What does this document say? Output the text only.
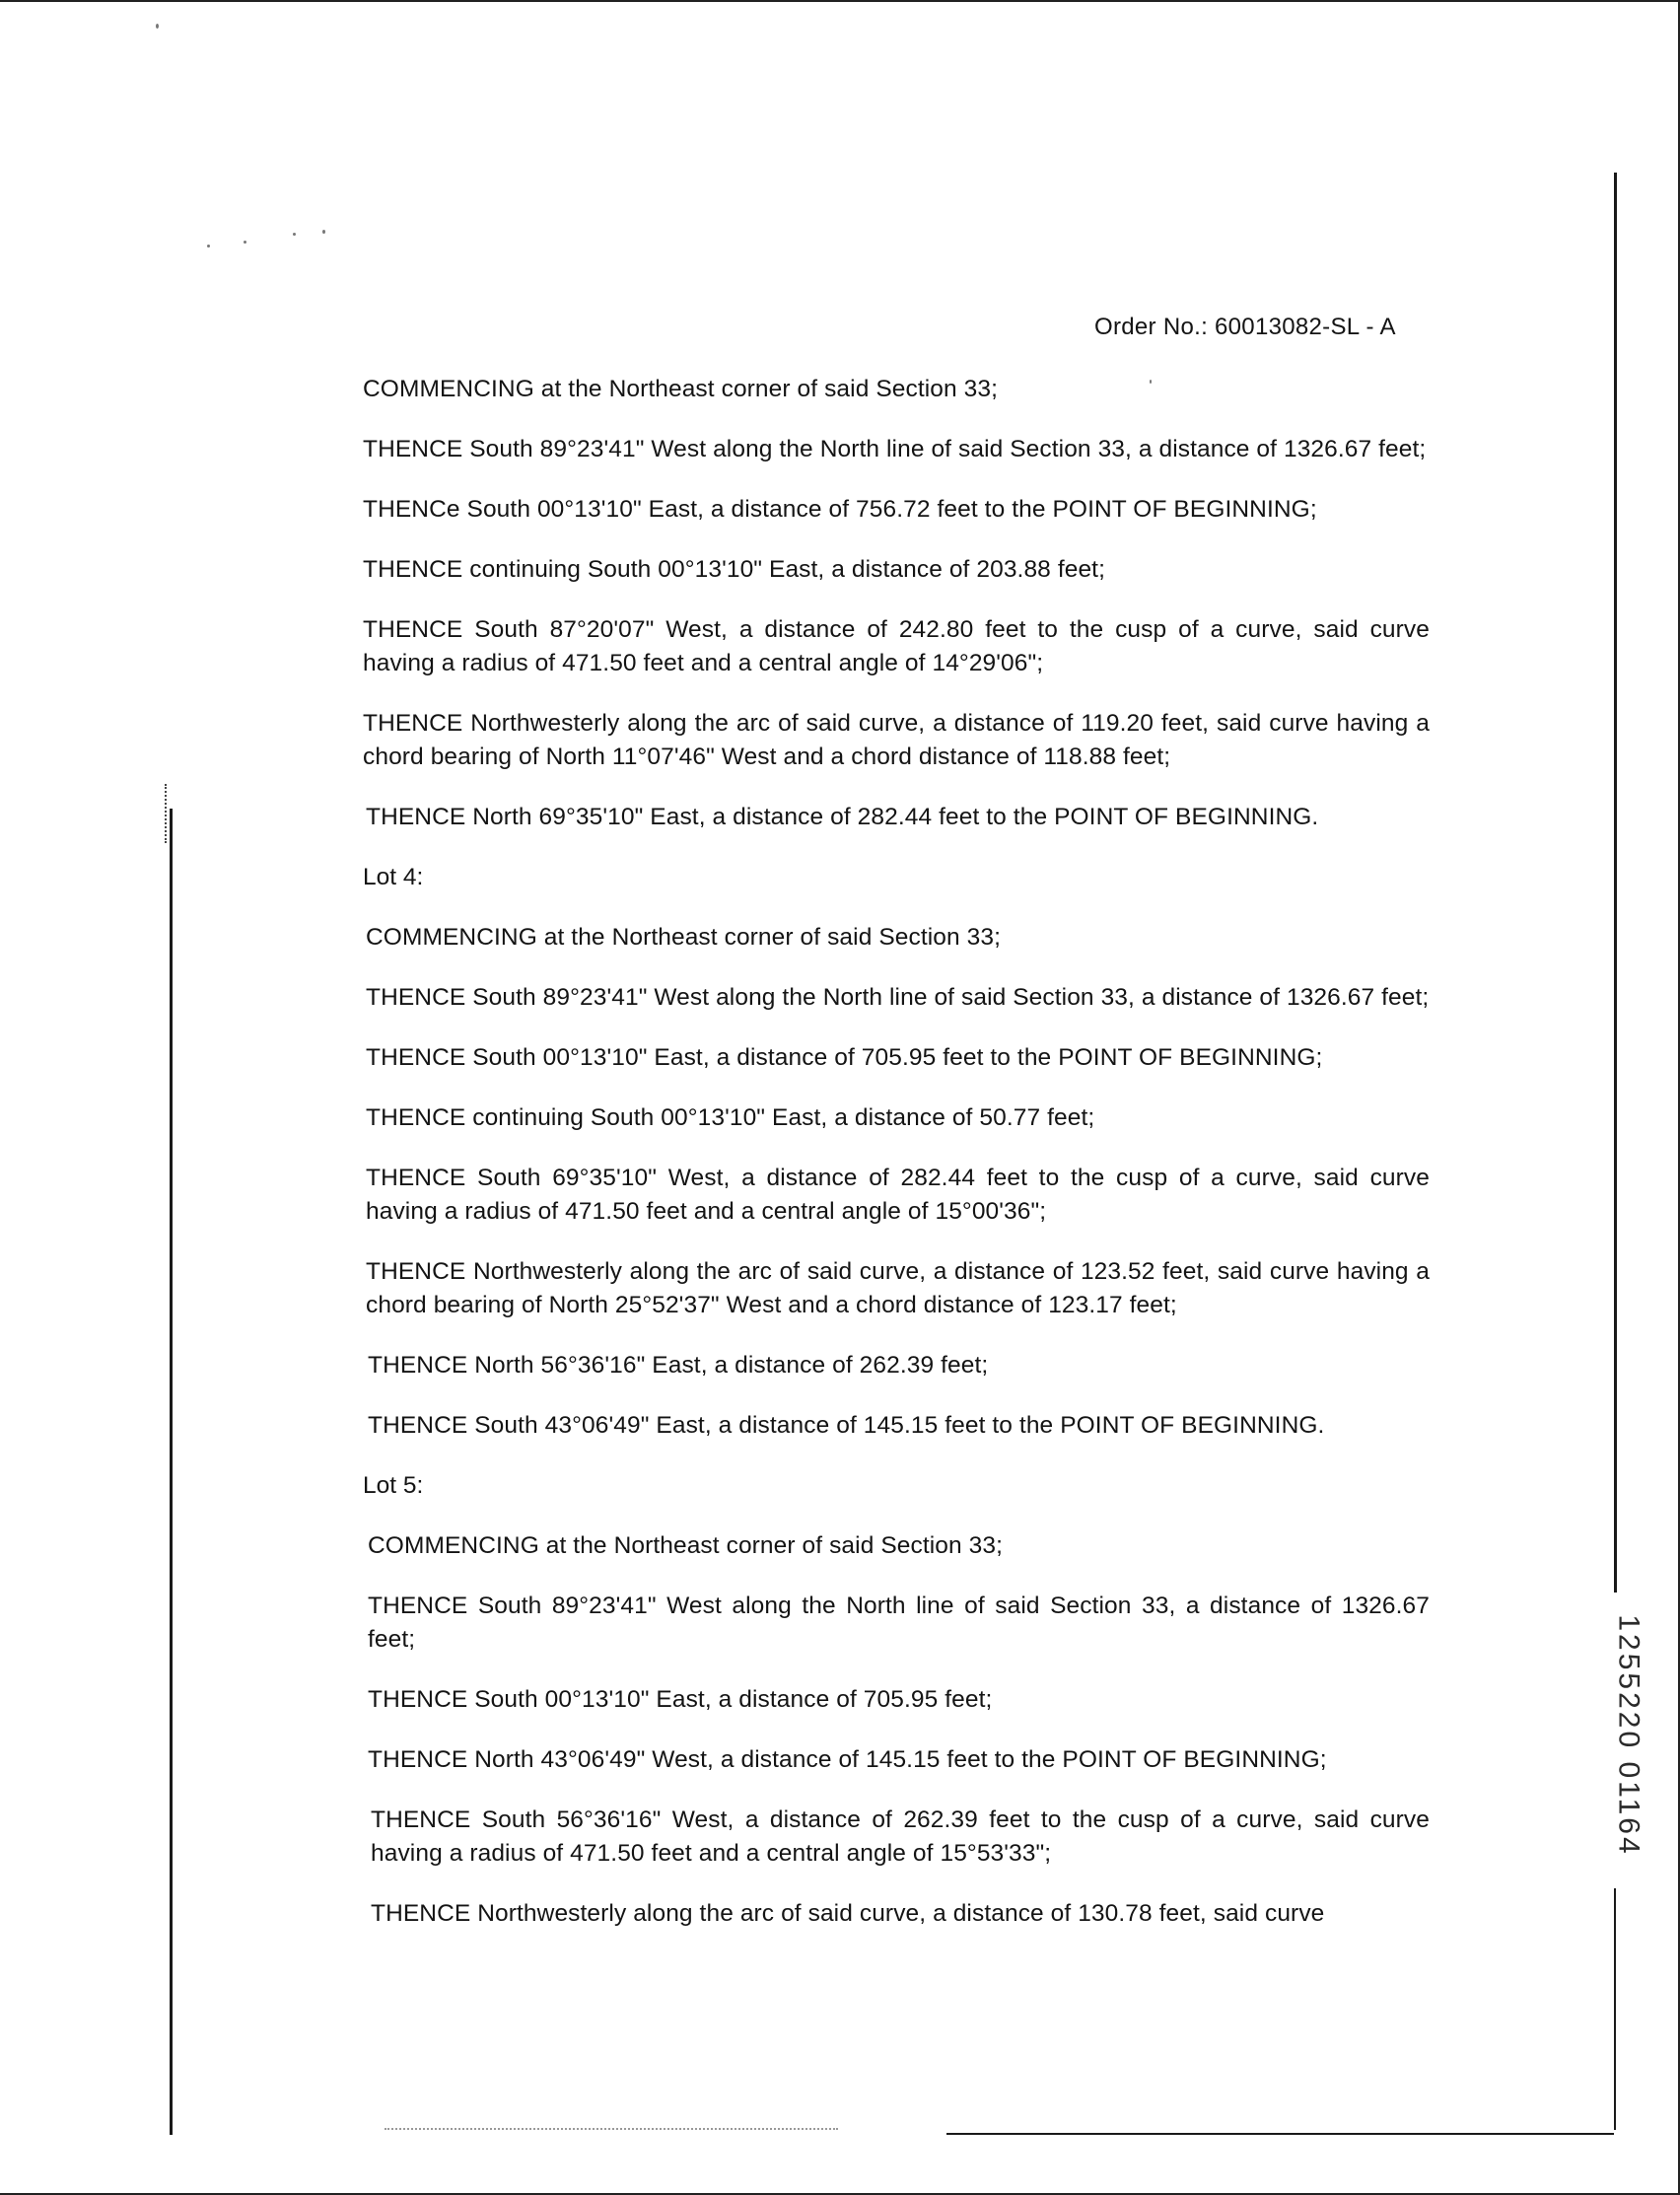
1255220 01164
Order No.: 60013082-SL - A

COMMENCING at the Northeast corner of said Section 33;

THENCE South 89°23'41" West along the North line of said Section 33, a distance of 1326.67 feet;

THENCe South 00°13'10" East, a distance of 756.72 feet to the POINT OF BEGINNING;

THENCE continuing South 00°13'10" East, a distance of 203.88 feet;

THENCE South 87°20'07" West, a distance of 242.80 feet to the cusp of a curve, said curve having a radius of 471.50 feet and a central angle of 14°29'06";

THENCE Northwesterly along the arc of said curve, a distance of 119.20 feet, said curve having a chord bearing of North 11°07'46" West and a chord distance of 118.88 feet;

THENCE North 69°35'10" East, a distance of 282.44 feet to the POINT OF BEGINNING.

Lot 4:

COMMENCING at the Northeast corner of said Section 33;

THENCE South 89°23'41" West along the North line of said Section 33, a distance of 1326.67 feet;

THENCE South 00°13'10" East, a distance of 705.95 feet to the POINT OF BEGINNING;

THENCE continuing South 00°13'10" East, a distance of 50.77 feet;

THENCE South 69°35'10" West, a distance of 282.44 feet to the cusp of a curve, said curve having a radius of 471.50 feet and a central angle of 15°00'36";

THENCE Northwesterly along the arc of said curve, a distance of 123.52 feet, said curve having a chord bearing of North 25°52'37" West and a chord distance of 123.17 feet;

THENCE North 56°36'16" East, a distance of 262.39 feet;

THENCE South 43°06'49" East, a distance of 145.15 feet to the POINT OF BEGINNING.

Lot 5:

COMMENCING at the Northeast corner of said Section 33;

THENCE South 89°23'41" West along the North line of said Section 33, a distance of 1326.67 feet;

THENCE South 00°13'10" East, a distance of 705.95 feet;

THENCE North 43°06'49" West, a distance of 145.15 feet to the POINT OF BEGINNING;

THENCE South 56°36'16" West, a distance of 262.39 feet to the cusp of a curve, said curve having a radius of 471.50 feet and a central angle of 15°53'33";

THENCE Northwesterly along the arc of said curve, a distance of 130.78 feet, said curve
